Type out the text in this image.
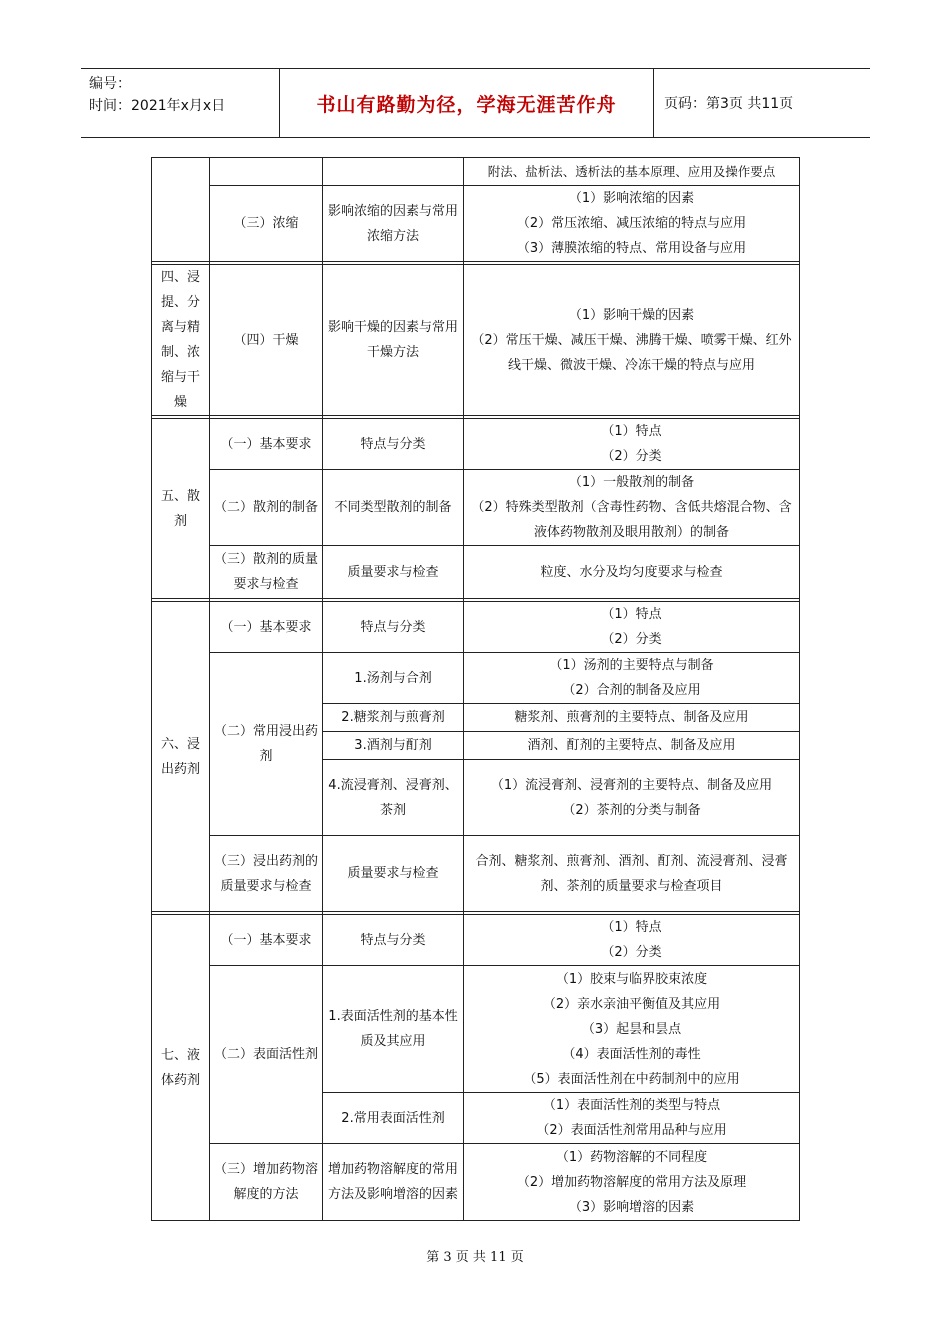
编号：
时间：2021年x月x日	书山有路勤为径，学海无涯苦作舟	页码：第3页 共11页
			附法、盐析法、透析法的基本原理、应用及操作要点
	（三）浓缩	影响浓缩的因素与常用浓缩方法	（1）影响浓缩的因素
（2）常压浓缩、减压浓缩的特点与应用
（3）薄膜浓缩的特点、常用设备与应用

四、浸提、分离与精制、浓缩与干燥	（四）干燥	影响干燥的因素与常用干燥方法	（1）影响干燥的因素
（2）常压干燥、减压干燥、沸腾干燥、喷雾干燥、红外线干燥、微波干燥、冷冻干燥的特点与应用

五、散剂	（一）基本要求	特点与分类	（1）特点
（2）分类

	（二）散剂的制备	不同类型散剂的制备	（1）一般散剂的制备
（2）特殊类型散剂（含毒性药物、含低共熔混合物、含液体药物散剂及眼用散剂）的制备

	（三）散剂的质量要求与检查	质量要求与检查	粒度、水分及均匀度要求与检查

六、浸出药剂	（一）基本要求	特点与分类	（1）特点
（2）分类

	（二）常用浸出药剂	1.汤剂与合剂	（1）汤剂的主要特点与制备
（2）合剂的制备及应用

		2.糖浆剂与煎膏剂	糖浆剂、煎膏剂的主要特点、制备及应用
		3.酒剂与酊剂	酒剂、酊剂的主要特点、制备及应用
		4.流浸膏剂、浸膏剂、茶剂	（1）流浸膏剂、浸膏剂的主要特点、制备及应用
（2）茶剂的分类与制备

	（三）浸出药剂的质量要求与检查	质量要求与检查	合剂、糖浆剂、煎膏剂、酒剂、酊剂、流浸膏剂、浸膏剂、茶剂的质量要求与检查项目

七、液体药剂	（一）基本要求	特点与分类	（1）特点
（2）分类

	（二）表面活性剂	1.表面活性剂的基本性质及其应用	（1）胶束与临界胶束浓度
（2）亲水亲油平衡值及其应用
（3）起昙和昙点
（4）表面活性剂的毒性
（5）表面活性剂在中药制剂中的应用

		2.常用表面活性剂	（1）表面活性剂的类型与特点
（2）表面活性剂常用品种与应用

	（三）增加药物溶解度的方法	增加药物溶解度的常用方法及影响增溶的因素	（1）药物溶解的不同程度
（2）增加药物溶解度的常用方法及原理
（3）影响增溶的因素
第 3 页 共 11 页
